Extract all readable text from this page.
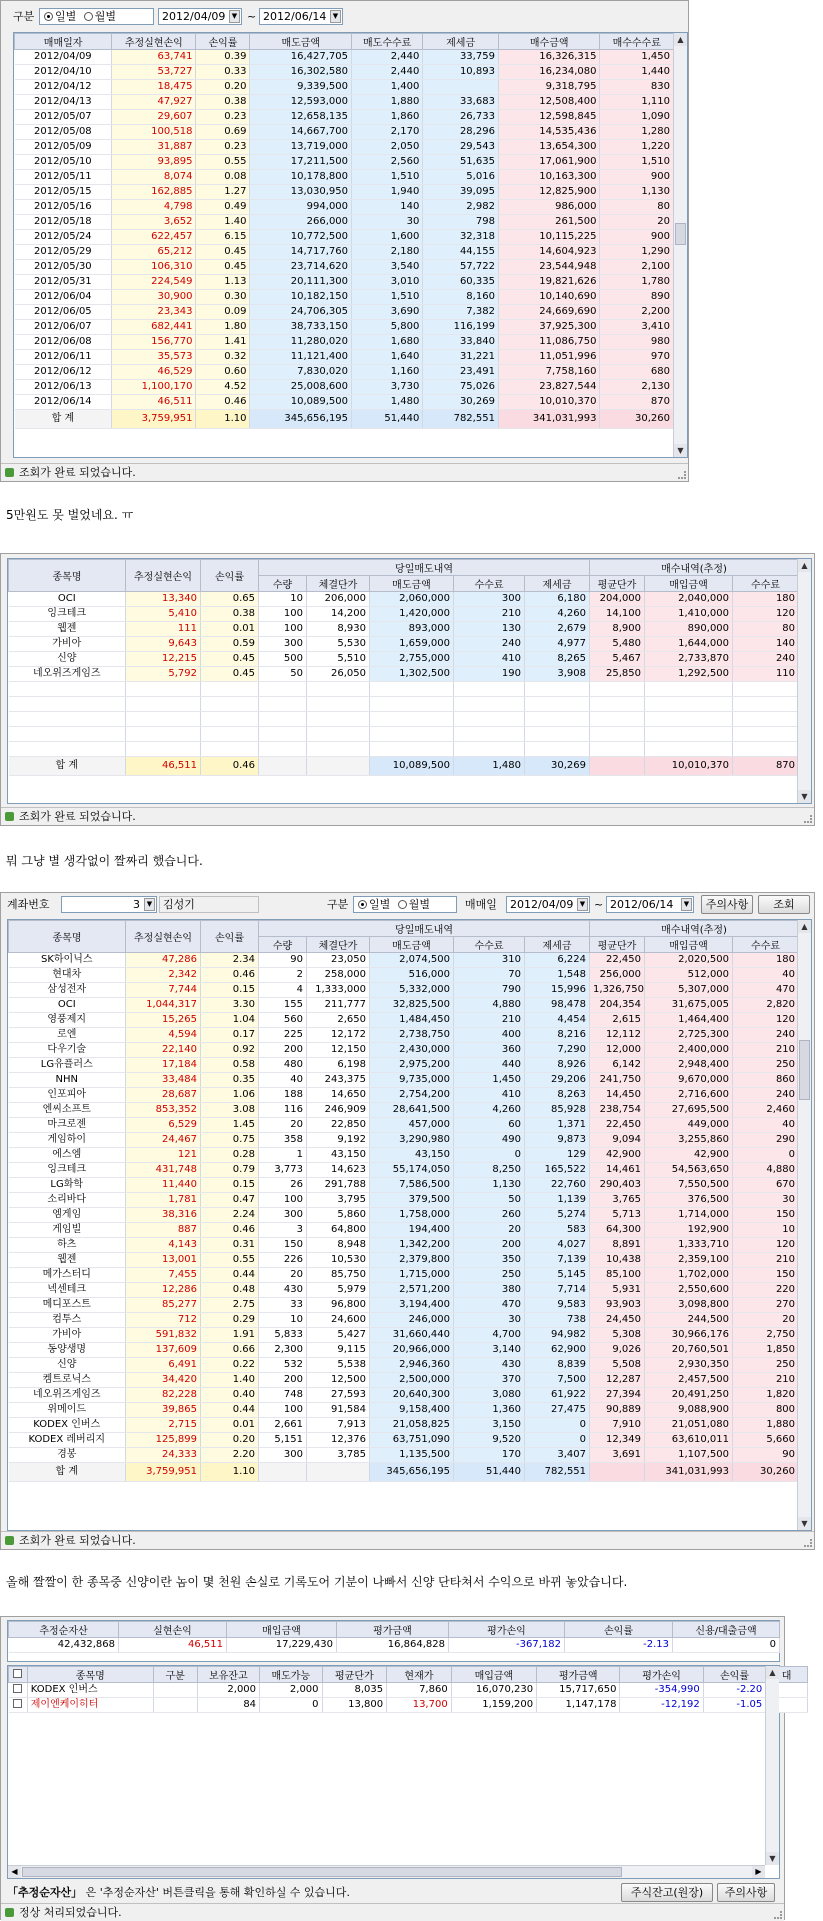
구분	일별 월별	2012/04/09 ▼ ~ 2012/06/14 ▼
매매일자	추정실현손익	손익률	매도금액	매도수수료	제세금	매수금액	매수수수료
2012/04/09	63,741	0.39	16,427,705	2,440	33,759	16,326,315	1,450
2012/04/10	53,727	0.33	16,302,580	2,440	10,893	16,234,080	1,440
2012/04/12	18,475	0.20	9,339,500	1,400		9,318,795	830
2012/04/13	47,927	0.38	12,593,000	1,880	33,683	12,508,400	1,110
2012/05/07	29,607	0.23	12,658,135	1,860	26,733	12,598,845	1,090
2012/05/08	100,518	0.69	14,667,700	2,170	28,296	14,535,436	1,280
2012/05/09	31,887	0.23	13,719,000	2,050	29,543	13,654,300	1,220
2012/05/10	93,895	0.55	17,211,500	2,560	51,635	17,061,900	1,510
2012/05/11	8,074	0.08	10,178,800	1,510	5,016	10,163,300	900
2012/05/15	162,885	1.27	13,030,950	1,940	39,095	12,825,900	1,130
2012/05/16	4,798	0.49	994,000	140	2,982	986,000	80
2012/05/18	3,652	1.40	266,000	30	798	261,500	20
2012/05/24	622,457	6.15	10,772,500	1,600	32,318	10,115,225	900
2012/05/29	65,212	0.45	14,717,760	2,180	44,155	14,604,923	1,290
2012/05/30	106,310	0.45	23,714,620	3,540	57,722	23,544,948	2,100
2012/05/31	224,549	1.13	20,111,300	3,010	60,335	19,821,626	1,780
2012/06/04	30,900	0.30	10,182,150	1,510	8,160	10,140,690	890
2012/06/05	23,343	0.09	24,706,305	3,690	7,382	24,669,690	2,200
2012/06/07	682,441	1.80	38,733,150	5,800	116,199	37,925,300	3,410
2012/06/08	156,770	1.41	11,280,020	1,680	33,840	11,086,750	980
2012/06/11	35,573	0.32	11,121,400	1,640	31,221	11,051,996	970
2012/06/12	46,529	0.60	7,830,020	1,160	23,491	7,758,160	680
2012/06/13	1,100,170	4.52	25,008,600	3,730	75,026	23,827,544	2,130
2012/06/14	46,511	0.46	10,089,500	1,480	30,269	10,010,370	870
합 계	3,759,951	1.10	345,656,195	51,440	782,551	341,031,993	30,260
▲
▼
조회가 완료 되었습니다.
5만원도 못 벌었네요. ㅠ
종목명	추정실현손익	손익률	당일매도내역					매수내역(추정)		
			수량	체결단가	매도금액	수수료	제세금	평균단가	매입금액	수수료
OCI	13,340	0.65	10	206,000	2,060,000	300	6,180	204,000	2,040,000	180
잉크테크	5,410	0.38	100	14,200	1,420,000	210	4,260	14,100	1,410,000	120
웹젠	111	0.01	100	8,930	893,000	130	2,679	8,900	890,000	80
가비아	9,643	0.59	300	5,530	1,659,000	240	4,977	5,480	1,644,000	140
신양	12,215	0.45	500	5,510	2,755,000	410	8,265	5,467	2,733,870	240
네오위즈게임즈	5,792	0.45	50	26,050	1,302,500	190	3,908	25,850	1,292,500	110

합 계	46,511	0.46			10,089,500	1,480	30,269		10,010,370	870
▲
▼
조회가 완료 되었습니다.
뭐 그냥 별 생각없이 짤짜리 했습니다.
계좌번호	3 ▼ 김성기	구분	일별 월별	매매일	2012/04/09 ▼ ~ 2012/06/14	▼	주의사항	조회
종목명	추정실현손익	손익률	당일매도내역					매수내역(추정)		
			수량	체결단가	매도금액	수수료	제세금	평균단가	매입금액	수수료
SK하이닉스	47,286	2.34	90	23,050	2,074,500	310	6,224	22,450	2,020,500	180
현대차	2,342	0.46	2	258,000	516,000	70	1,548	256,000	512,000	40
삼성전자	7,744	0.15	4	1,333,000	5,332,000	790	15,996	1,326,750	5,307,000	470
OCI	1,044,317	3.30	155	211,777	32,825,500	4,880	98,478	204,354	31,675,005	2,820
영풍제지	15,265	1.04	560	2,650	1,484,450	210	4,454	2,615	1,464,400	120
로엔	4,594	0.17	225	12,172	2,738,750	400	8,216	12,112	2,725,300	240
다우기술	22,140	0.92	200	12,150	2,430,000	360	7,290	12,000	2,400,000	210
LG유플러스	17,184	0.58	480	6,198	2,975,200	440	8,926	6,142	2,948,400	250
NHN	33,484	0.35	40	243,375	9,735,000	1,450	29,206	241,750	9,670,000	860
인포피아	28,687	1.06	188	14,650	2,754,200	410	8,263	14,450	2,716,600	240
엔씨소프트	853,352	3.08	116	246,909	28,641,500	4,260	85,928	238,754	27,695,500	2,460
마크로젠	6,529	1.45	20	22,850	457,000	60	1,371	22,450	449,000	40
게임하이	24,467	0.75	358	9,192	3,290,980	490	9,873	9,094	3,255,860	290
에스엠	121	0.28	1	43,150	43,150	0	129	42,900	42,900	0
잉크테크	431,748	0.79	3,773	14,623	55,174,050	8,250	165,522	14,461	54,563,650	4,880
LG화학	11,440	0.15	26	291,788	7,586,500	1,130	22,760	290,403	7,550,500	670
소리바다	1,781	0.47	100	3,795	379,500	50	1,139	3,765	376,500	30
엠게임	38,316	2.24	300	5,860	1,758,000	260	5,274	5,713	1,714,000	150
게임빌	887	0.46	3	64,800	194,400	20	583	64,300	192,900	10
하츠	4,143	0.31	150	8,948	1,342,200	200	4,027	8,891	1,333,710	120
웹젠	13,001	0.55	226	10,530	2,379,800	350	7,139	10,438	2,359,100	210
메가스터디	7,455	0.44	20	85,750	1,715,000	250	5,145	85,100	1,702,000	150
넥센테크	12,286	0.48	430	5,979	2,571,200	380	7,714	5,931	2,550,600	220
메디포스트	85,277	2.75	33	96,800	3,194,400	470	9,583	93,903	3,098,800	270
컴투스	712	0.29	10	24,600	246,000	30	738	24,450	244,500	20
가비아	591,832	1.91	5,833	5,427	31,660,440	4,700	94,982	5,308	30,966,176	2,750
동양생명	137,609	0.66	2,300	9,115	20,966,000	3,140	62,900	9,026	20,760,501	1,850
신양	6,491	0.22	532	5,538	2,946,360	430	8,839	5,508	2,930,350	250
켐트로닉스	34,420	1.40	200	12,500	2,500,000	370	7,500	12,287	2,457,500	210
네오위즈게임즈	82,228	0.40	748	27,593	20,640,300	3,080	61,922	27,394	20,491,250	1,820
위메이드	39,865	0.44	100	91,584	9,158,400	1,360	27,475	90,889	9,088,900	800
KODEX 인버스	2,715	0.01	2,661	7,913	21,058,825	3,150	0	7,910	21,051,080	1,880
KODEX 레버리지	125,899	0.20	5,151	12,376	63,751,090	9,520	0	12,349	63,610,011	5,660
경봉	24,333	2.20	300	3,785	1,135,500	170	3,407	3,691	1,107,500	90
합 계	3,759,951	1.10			345,656,195	51,440	782,551		341,031,993	30,260
▲
▼
조회가 완료 되었습니다.
올해 짤짤이 한 종목중 신양이란 놈이 몇 천원 손실로 기록도어 기분이 나빠서 신양 단타쳐서 수익으로 바뀌 놓았습니다.
추정순자산	실현손익	매입금액	평가금액	평가손익	손익률	신용/대출금액
42,432,868	46,511	17,229,430	16,864,828	-367,182	-2.13	0
	종목명	구분	보유잔고	매도가능	평균단가	현재가	매입금액	평가금액	평가손익	손익률	대
	KODEX 인버스		2,000	2,000	8,035	7,860	16,070,230	15,717,650	-354,990	-2.20	
	제이엔케이히터		84	0	13,800	13,700	1,159,200	1,147,178	-12,192	-1.05	
▲
▼
◀	▶
「추정순자산」 은 '추정순자산' 버튼클릭을 통해 확인하실 수 있습니다.	주식잔고(원장)	주의사항
정상 처리되었습니다.
